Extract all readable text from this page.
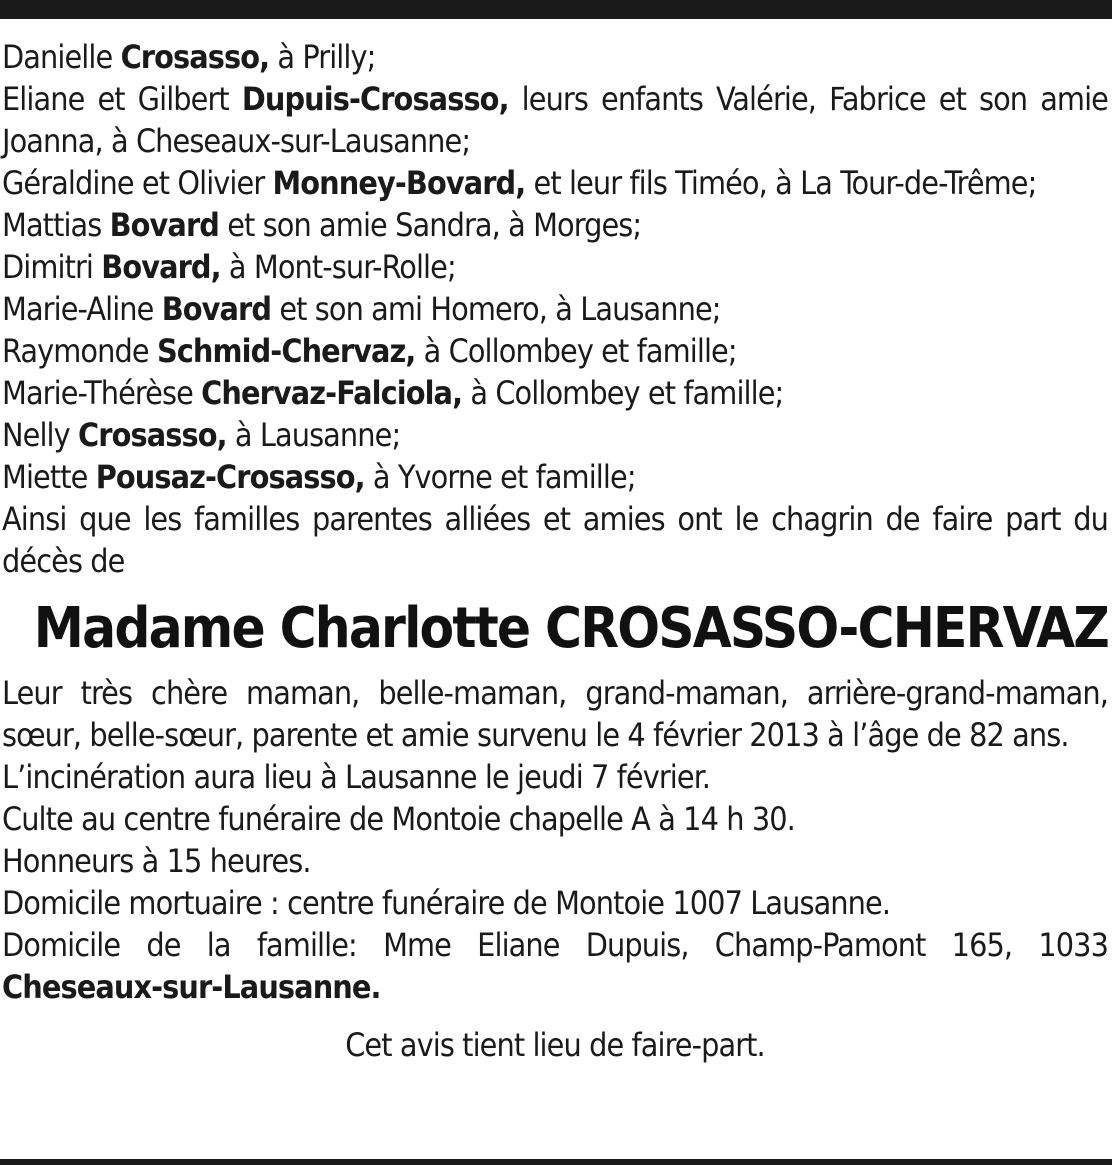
Danielle Crosasso, à Prilly;
Eliane et Gilbert Dupuis-Crosasso, leurs enfants Valérie, Fabrice et son amie Joanna, à Cheseaux-sur-Lausanne;
Géraldine et Olivier Monney-Bovard, et leur fils Timéo, à La Tour-de-Trême;
Mattias Bovard et son amie Sandra, à Morges;
Dimitri Bovard, à Mont-sur-Rolle;
Marie-Aline Bovard et son ami Homero, à Lausanne;
Raymonde Schmid-Chervaz, à Collombey et famille;
Marie-Thérèse Chervaz-Falciola, à Collombey et famille;
Nelly Crosasso, à Lausanne;
Miette Pousaz-Crosasso, à Yvorne et famille;
Ainsi que les familles parentes alliées et amies ont le chagrin de faire part du décès de
Madame Charlotte CROSASSO-CHERVAZ
Leur très chère maman, belle-maman, grand-maman, arrière-grand-maman, sœur, belle-sœur, parente et amie survenu le 4 février 2013 à l’âge de 82 ans.
L’incinération aura lieu à Lausanne le jeudi 7 février.
Culte au centre funéraire de Montoie chapelle A à 14 h 30.
Honneurs à 15 heures.
Domicile mortuaire : centre funéraire de Montoie 1007 Lausanne.
Domicile de la famille: Mme Eliane Dupuis, Champ-Pamont 165, 1033 Cheseaux-sur-Lausanne.
Cet avis tient lieu de faire-part.
